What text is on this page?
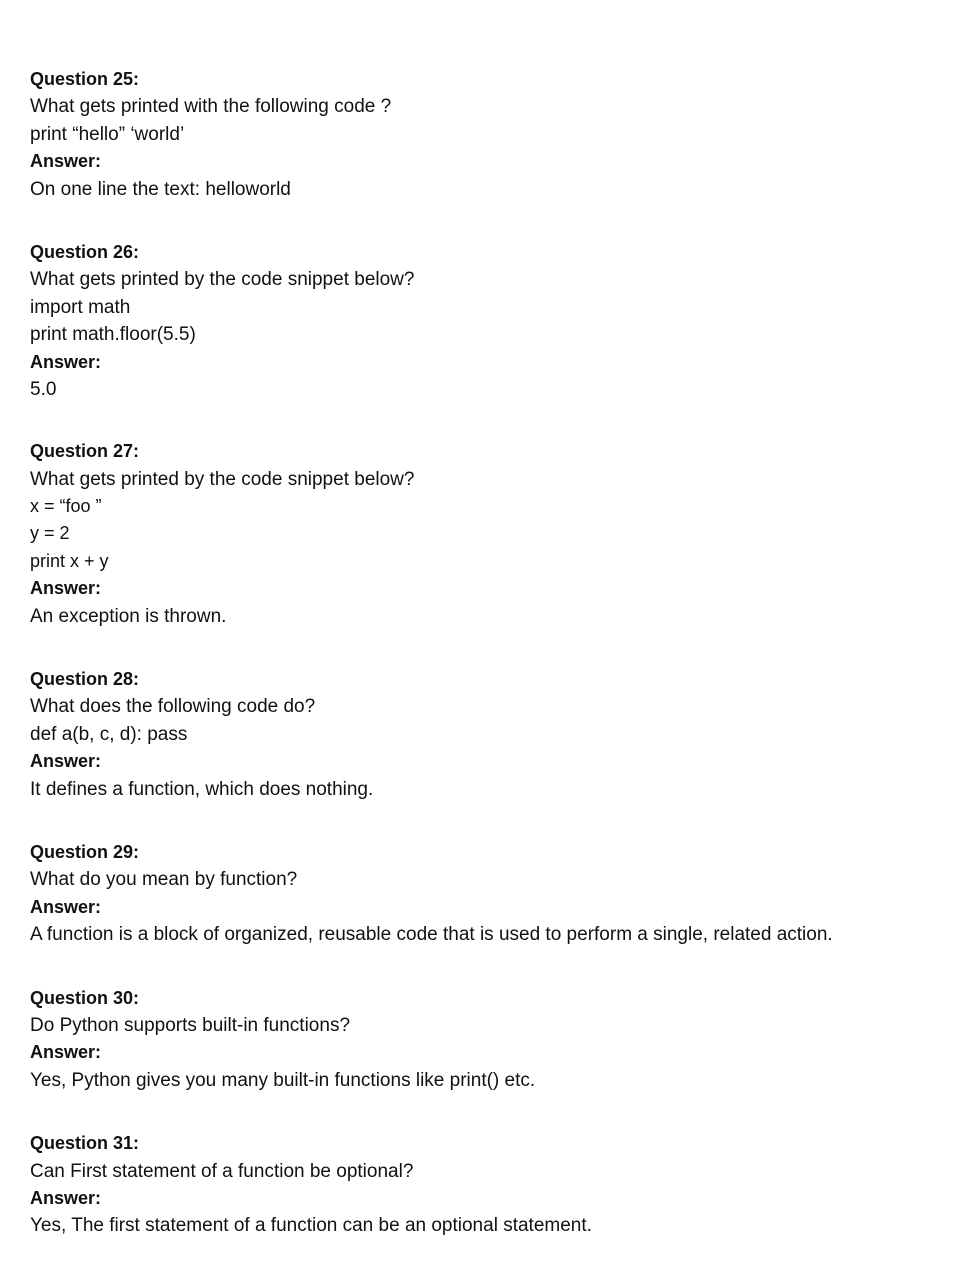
Question 25:
What gets printed with the following code ?
print “hello” ‘world’
Answer:
On one line the text: helloworld
Question 26:
What gets printed by the code snippet below?
import math
print math.floor(5.5)
Answer:
5.0
Question 27:
What gets printed by the code snippet below?
x = “foo ”
y = 2
print x + y
Answer:
An exception is thrown.
Question 28:
What does the following code do?
def a(b, c, d): pass
Answer:
It defines a function, which does nothing.
Question 29:
What do you mean by function?
Answer:
A function is a block of organized, reusable code that is used to perform a single, related action.
Question 30:
Do Python supports built-in functions?
Answer:
Yes, Python gives you many built-in functions like print() etc.
Question 31:
Can First statement of a function be optional?
Answer:
Yes, The first statement of a function can be an optional statement.
